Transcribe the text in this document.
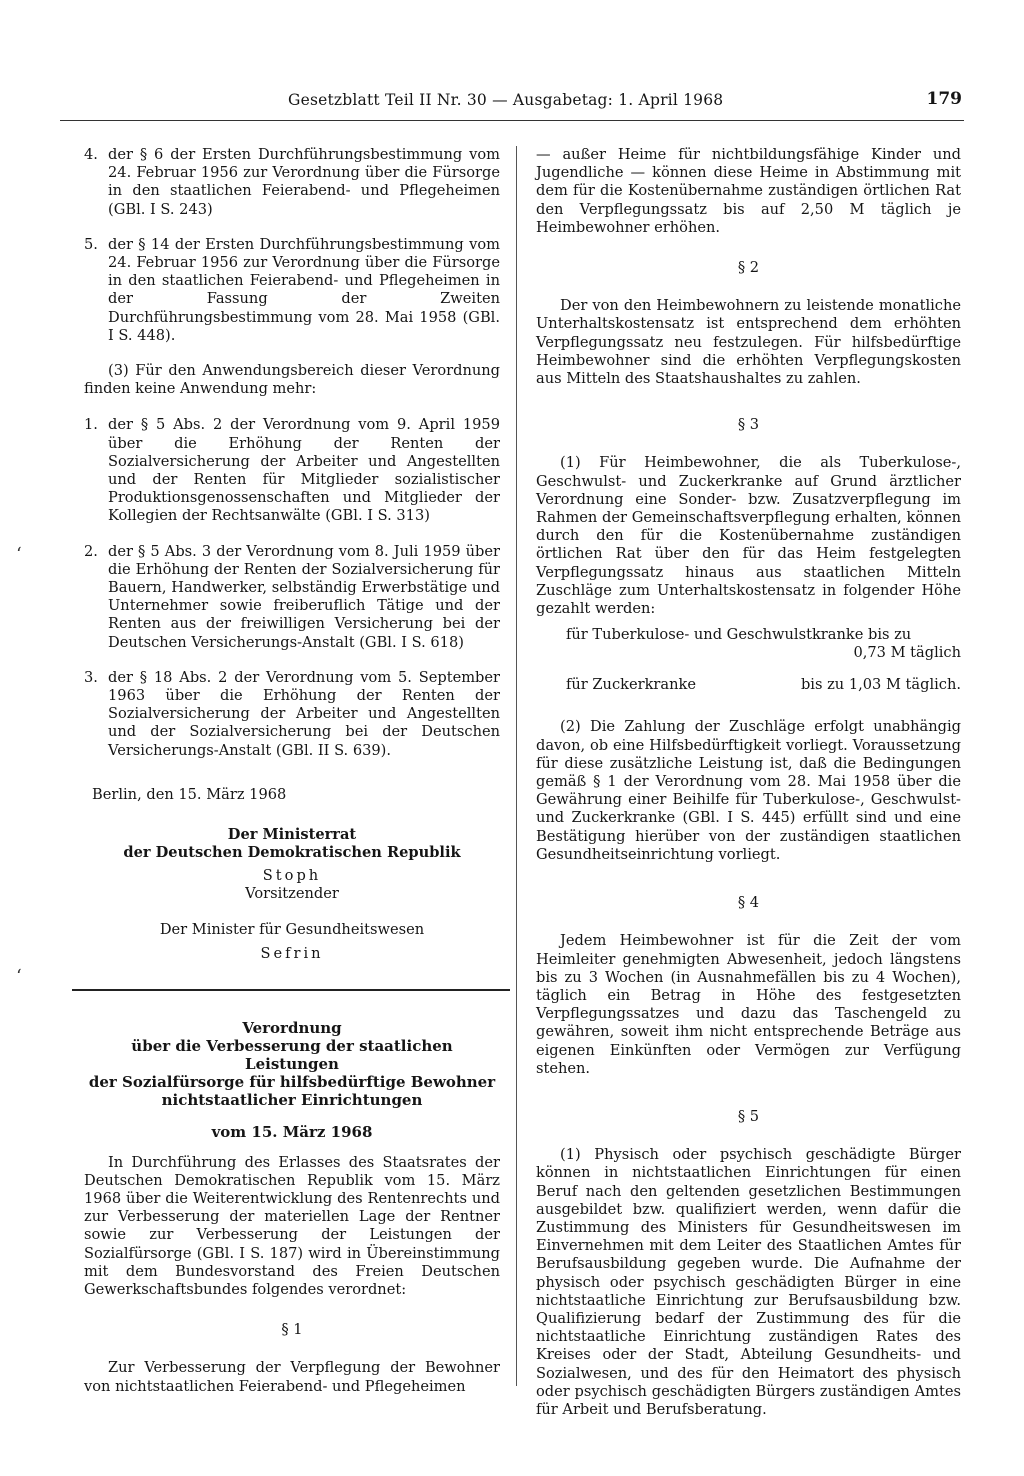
Gesetzblatt Teil II Nr. 30 — Ausgabetag: 1. April 1968	179
‘
‘
4. der § 6 der Ersten Durchführungsbestimmung vom 24. Februar 1956 zur Verordnung über die Fürsorge in den staatlichen Feierabend- und Pflegeheimen (GBl. I S. 243)
5. der § 14 der Ersten Durchführungsbestimmung vom 24. Februar 1956 zur Verordnung über die Fürsorge in den staatlichen Feierabend- und Pflegeheimen in der Fassung der Zweiten Durchführungsbestimmung vom 28. Mai 1958 (GBl. I S. 448).

(3) Für den Anwendungsbereich dieser Verordnung finden keine Anwendung mehr:

1. der § 5 Abs. 2 der Verordnung vom 9. April 1959 über die Erhöhung der Renten der Sozialversicherung der Arbeiter und Angestellten und der Renten für Mitglieder sozialistischer Produktionsgenossenschaften und Mitglieder der Kollegien der Rechtsanwälte (GBl. I S. 313)
2. der § 5 Abs. 3 der Verordnung vom 8. Juli 1959 über die Erhöhung der Renten der Sozialversicherung für Bauern, Handwerker, selbständig Erwerbstätige und Unternehmer sowie freiberuflich Tätige und der Renten aus der freiwilligen Versicherung bei der Deutschen Versicherungs-Anstalt (GBl. I S. 618)
3. der § 18 Abs. 2 der Verordnung vom 5. September 1963 über die Erhöhung der Renten der Sozialversicherung der Arbeiter und Angestellten und der Sozialversicherung bei der Deutschen Versicherungs-Anstalt (GBl. II S. 639).
Berlin, den 15. März 1968
Der Ministerrat
der Deutschen Demokratischen Republik
Stoph
Vorsitzender
Der Minister für Gesundheitswesen
Sefrin
Verordnung
über die Verbesserung der staatlichen Leistungen
der Sozialfürsorge für hilfsbedürftige Bewohner
nichtstaatlicher Einrichtungen
vom 15. März 1968

In Durchführung des Erlasses des Staatsrates der Deutschen Demokratischen Republik vom 15. März 1968 über die Weiterentwicklung des Rentenrechts und zur Verbesserung der materiellen Lage der Rentner sowie zur Verbesserung der Leistungen der Sozialfürsorge (GBl. I S. 187) wird in Übereinstimmung mit dem Bundesvorstand des Freien Deutschen Gewerkschaftsbundes folgendes verordnet:

§ 1

Zur Verbesserung der Verpflegung der Bewohner von nichtstaatlichen Feierabend- und Pflegeheimen

— außer Heime für nichtbildungsfähige Kinder und Jugendliche — können diese Heime in Abstimmung mit dem für die Kostenübernahme zuständigen örtlichen Rat den Verpflegungssatz bis auf 2,50 M täglich je Heimbewohner erhöhen.

§ 2

Der von den Heimbewohnern zu leistende monatliche Unterhaltskostensatz ist entsprechend dem erhöhten Verpflegungssatz neu festzulegen. Für hilfsbedürftige Heimbewohner sind die erhöhten Verpflegungskosten aus Mitteln des Staatshaushaltes zu zahlen.

§ 3

(1) Für Heimbewohner, die als Tuberkulose-, Geschwulst- und Zuckerkranke auf Grund ärztlicher Verordnung eine Sonder- bzw. Zusatzverpflegung im Rahmen der Gemeinschaftsverpflegung erhalten, können durch den für die Kostenübernahme zuständigen örtlichen Rat über den für das Heim festgelegten Verpflegungssatz hinaus aus staatlichen Mitteln Zuschläge zum Unterhaltskostensatz in folgender Höhe gezahlt werden:

für Tuberkulose- und Geschwulstkranke bis zu
0,73 M täglich
für Zuckerkranke	bis zu 1,03 M täglich.

(2) Die Zahlung der Zuschläge erfolgt unabhängig davon, ob eine Hilfsbedürftigkeit vorliegt. Voraussetzung für diese zusätzliche Leistung ist, daß die Bedingungen gemäß § 1 der Verordnung vom 28. Mai 1958 über die Gewährung einer Beihilfe für Tuberkulose-, Geschwulst- und Zuckerkranke (GBl. I S. 445) erfüllt sind und eine Bestätigung hierüber von der zuständigen staatlichen Gesundheitseinrichtung vorliegt.

§ 4

Jedem Heimbewohner ist für die Zeit der vom Heimleiter genehmigten Abwesenheit, jedoch längstens bis zu 3 Wochen (in Ausnahmefällen bis zu 4 Wochen), täglich ein Betrag in Höhe des festgesetzten Verpflegungssatzes und dazu das Taschengeld zu gewähren, soweit ihm nicht entsprechende Beträge aus eigenen Einkünften oder Vermögen zur Verfügung stehen.

§ 5

(1) Physisch oder psychisch geschädigte Bürger können in nichtstaatlichen Einrichtungen für einen Beruf nach den geltenden gesetzlichen Bestimmungen ausgebildet bzw. qualifiziert werden, wenn dafür die Zustimmung des Ministers für Gesundheitswesen im Einvernehmen mit dem Leiter des Staatlichen Amtes für Berufsausbildung gegeben wurde. Die Aufnahme der physisch oder psychisch geschädigten Bürger in eine nichtstaatliche Einrichtung zur Berufsausbildung bzw. Qualifizierung bedarf der Zustimmung des für die nichtstaatliche Einrichtung zuständigen Rates des Kreises oder der Stadt, Abteilung Gesundheits- und Sozialwesen, und des für den Heimatort des physisch oder psychisch geschädigten Bürgers zuständigen Amtes für Arbeit und Berufsberatung.
